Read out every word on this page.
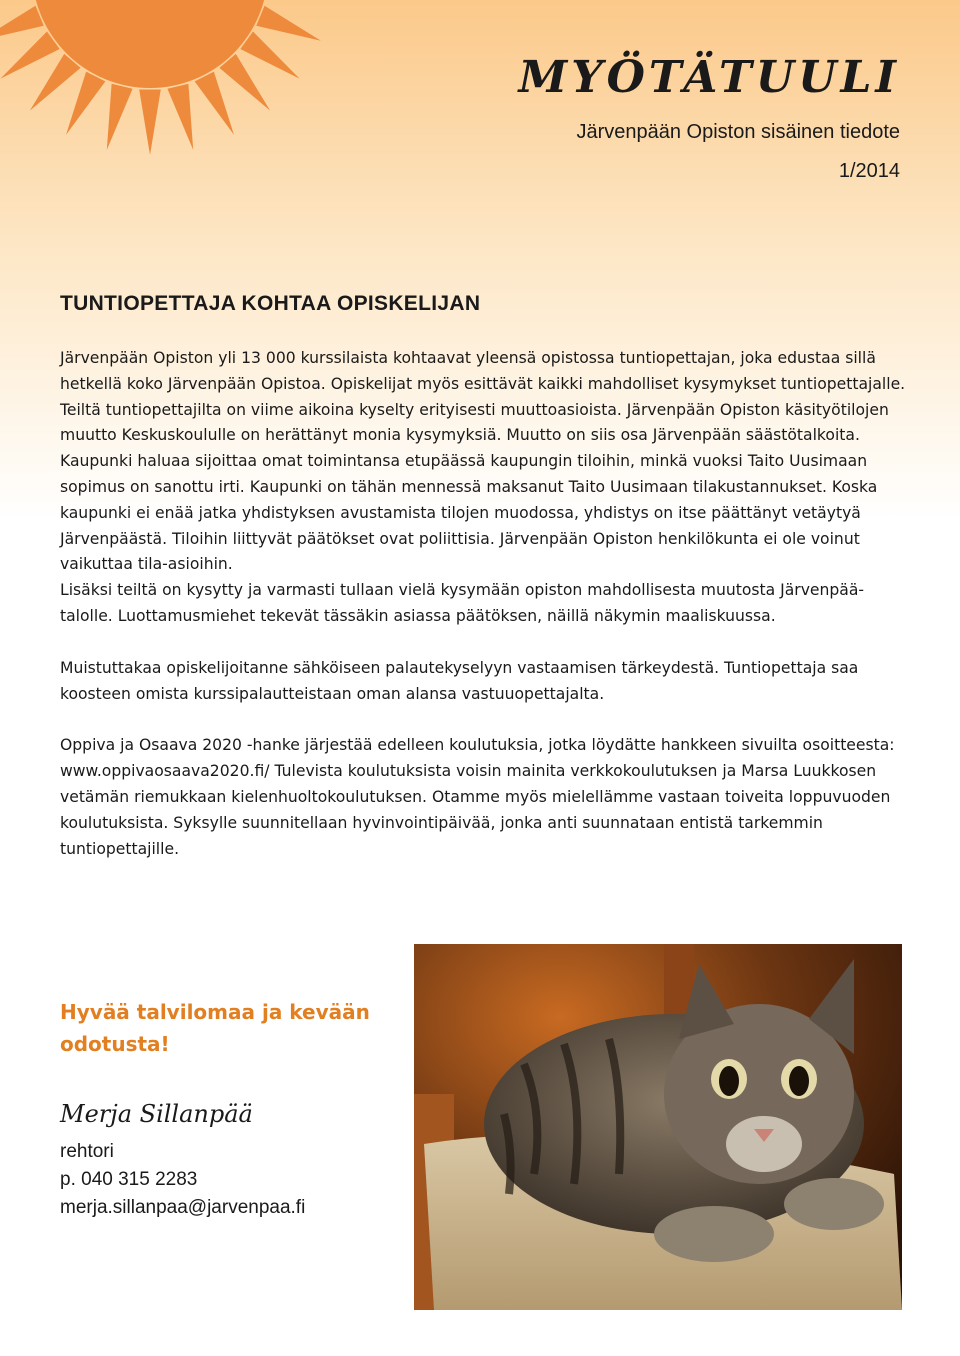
MYÖTÄTUULI
Järvenpään Opiston sisäinen tiedote
1/2014
TUNTIOPETTAJA KOHTAA OPISKELIJAN

Järvenpään Opiston yli 13 000 kurssilaista kohtaavat yleensä opistossa tuntiopettajan, joka edustaa sillä hetkellä koko Järvenpään Opistoa. Opiskelijat myös esittävät kaikki mahdolliset kysymykset tuntiopettajalle. Teiltä tuntiopettajilta on viime aikoina kyselty erityisesti muuttoasioista. Järvenpään Opiston käsityötilojen muutto Keskuskoululle on herättänyt monia kysymyksiä. Muutto on siis osa Järvenpään säästötalkoita. Kaupunki haluaa sijoittaa omat toimintansa etupäässä kaupungin tiloihin, minkä vuoksi Taito Uusimaan sopimus on sanottu irti. Kaupunki on tähän mennessä maksanut Taito Uusimaan tilakustannukset. Koska kaupunki ei enää jatka yhdistyksen avustamista tilojen muodossa, yhdistys on itse päättänyt vetäytyä Järvenpäästä. Tiloihin liittyvät päätökset ovat poliittisia. Järvenpään Opiston henkilökunta ei ole voinut vaikuttaa tila-asioihin.

Lisäksi teiltä on kysytty ja varmasti tullaan vielä kysymään opiston mahdollisesta muutosta Järvenpää-talolle. Luottamusmiehet tekevät tässäkin asiassa päätöksen, näillä näkymin maaliskuussa.

Muistuttakaa opiskelijoitanne sähköiseen palautekyselyyn vastaamisen tärkeydestä. Tuntiopettaja saa koosteen omista kurssipalautteistaan oman alansa vastuuopettajalta.

Oppiva ja Osaava 2020 -hanke järjestää edelleen koulutuksia, jotka löydätte hankkeen sivuilta osoitteesta: www.oppivaosaava2020.fi/ Tulevista koulutuksista voisin mainita verkkokoulutuksen ja Marsa Luukkosen vetämän riemukkaan kielenhuoltokoulutuksen. Otamme myös mielellämme vastaan toiveita loppuvuoden koulutuksista. Syksylle suunnitellaan hyvinvointipäivää, jonka anti suunnataan entistä tarkemmin tuntiopettajille.

Hyvää talvilomaa ja kevään odotusta!
Merja Sillanpää
rehtori
p. 040 315 2283
merja.sillanpaa@jarvenpaa.fi
